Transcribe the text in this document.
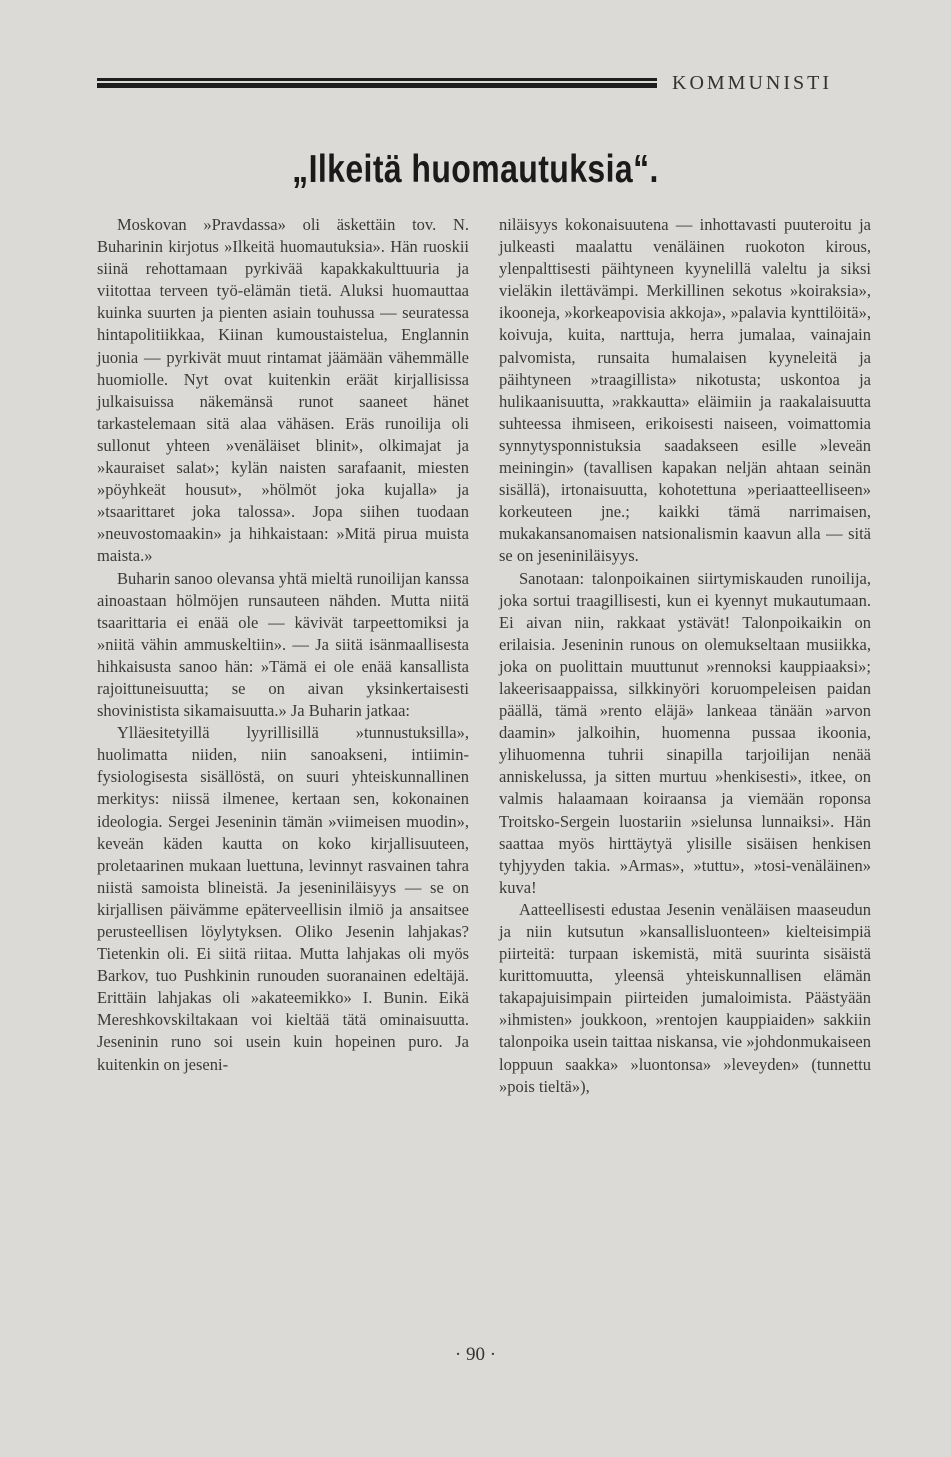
KOMMUNISTI
„Ilkeitä huomautuksia“.

Moskovan »Pravdassa» oli äskettäin tov. N. Buharinin kirjotus »Ilkeitä huomautuksia». Hän ruoskii siinä rehottamaan pyrkivää kapakkakulttuuria ja viitottaa terveen työ-elämän tietä. Aluksi huomauttaa kuinka suurten ja pienten asiain touhussa — seuratessa hintapolitiikkaa, Kiinan kumoustaistelua, Englannin juonia — pyrkivät muut rintamat jäämään vähemmälle huomiolle. Nyt ovat kuitenkin eräät kirjallisissa julkaisuissa näkemänsä runot saaneet hänet tarkastelemaan sitä alaa vähäsen. Eräs runoilija oli sullonut yhteen »venäläiset blinit», olkimajat ja »kauraiset salat»; kylän naisten sarafaanit, miesten »pöyhkeät housut», »hölmöt joka kujalla» ja »tsaarittaret joka talossa». Jopa siihen tuodaan »neuvostomaakin» ja hihkaistaan: »Mitä pirua muista maista.»

Buharin sanoo olevansa yhtä mieltä runoilijan kanssa ainoastaan hölmöjen runsauteen nähden. Mutta niitä tsaarittaria ei enää ole — kävivät tarpeettomiksi ja »niitä vähin ammuskeltiin». — Ja siitä isänmaallisesta hihkaisusta sanoo hän: »Tämä ei ole enää kansallista rajoittuneisuutta; se on aivan yksinkertaisesti shovinistista sikamaisuutta.» Ja Buharin jatkaa:

Ylläesitetyillä lyyrillisillä »tunnustuksilla», huolimatta niiden, niin sanoakseni, intiimin-fysiologisesta sisällöstä, on suuri yhteiskunnallinen merkitys: niissä ilmenee, kertaan sen, kokonainen ideologia. Sergei Jeseninin tämän »viimeisen muodin», keveän käden kautta on koko kirjallisuuteen, proletaarinen mukaan luettuna, levinnyt rasvainen tahra niistä samoista blineistä. Ja jeseniniläisyys — se on kirjallisen päivämme epäterveellisin ilmiö ja ansaitsee perusteellisen löylytyksen. Oliko Jesenin lahjakas? Tietenkin oli. Ei siitä riitaa. Mutta lahjakas oli myös Barkov, tuo Pushkinin runouden suoranainen edeltäjä. Erittäin lahjakas oli »akateemikko» I. Bunin. Eikä Mereshkovskiltakaan voi kieltää tätä ominaisuutta. Jeseninin runo soi usein kuin hopeinen puro. Ja kuitenkin on jeseni-

niläisyys kokonaisuutena — inhottavasti puuteroitu ja julkeasti maalattu venäläinen ruokoton kirous, ylenpalttisesti päihtyneen kyynelillä valeltu ja siksi vieläkin ilettävämpi. Merkillinen sekotus »koiraksia», ikooneja, »korkeapovisia akkoja», »palavia kynttilöitä», koivuja, kuita, narttuja, herra jumalaa, vainajain palvomista, runsaita humalaisen kyyneleitä ja päihtyneen »traagillista» nikotusta; uskontoa ja hulikaanisuutta, »rakkautta» eläimiin ja raakalaisuutta suhteessa ihmiseen, erikoisesti naiseen, voimattomia synnytysponnistuksia saadakseen esille »leveän meiningin» (tavallisen kapakan neljän ahtaan seinän sisällä), irtonaisuutta, kohotettuna »periaatteelliseen» korkeuteen jne.; kaikki tämä narrimaisen, mukakansanomaisen natsionalismin kaavun alla — sitä se on jeseniniläisyys.

Sanotaan: talonpoikainen siirtymiskauden runoilija, joka sortui traagillisesti, kun ei kyennyt mukautumaan. Ei aivan niin, rakkaat ystävät! Talonpoikaikin on erilaisia. Jeseninin runous on olemukseltaan musiikka, joka on puolittain muuttunut »rennoksi kauppiaaksi»; lakeerisaappaissa, silkkinyöri koruompeleisen paidan päällä, tämä »rento eläjä» lankeaa tänään »arvon daamin» jalkoihin, huomenna pussaa ikoonia, ylihuomenna tuhrii sinapilla tarjoilijan nenää anniskelussa, ja sitten murtuu »henkisesti», itkee, on valmis halaamaan koiraansa ja viemään roponsa Troitsko-Sergein luostariin »sielunsa lunnaiksi». Hän saattaa myös hirttäytyä ylisille sisäisen henkisen tyhjyyden takia. »Armas», »tuttu», »tosi-venäläinen» kuva!

Aatteellisesti edustaa Jesenin venäläisen maaseudun ja niin kutsutun »kansallisluonteen» kielteisimpiä piirteitä: turpaan iskemistä, mitä suurinta sisäistä kurittomuutta, yleensä yhteiskunnallisen elämän takapajuisimpain piirteiden jumaloimista. Päästyään »ihmisten» joukkoon, »rentojen kauppiaiden» sakkiin talonpoika usein taittaa niskansa, vie »johdonmukaiseen loppuun saakka» »luontonsa» »leveyden» (tunnettu »pois tieltä»),

· 90 ·
